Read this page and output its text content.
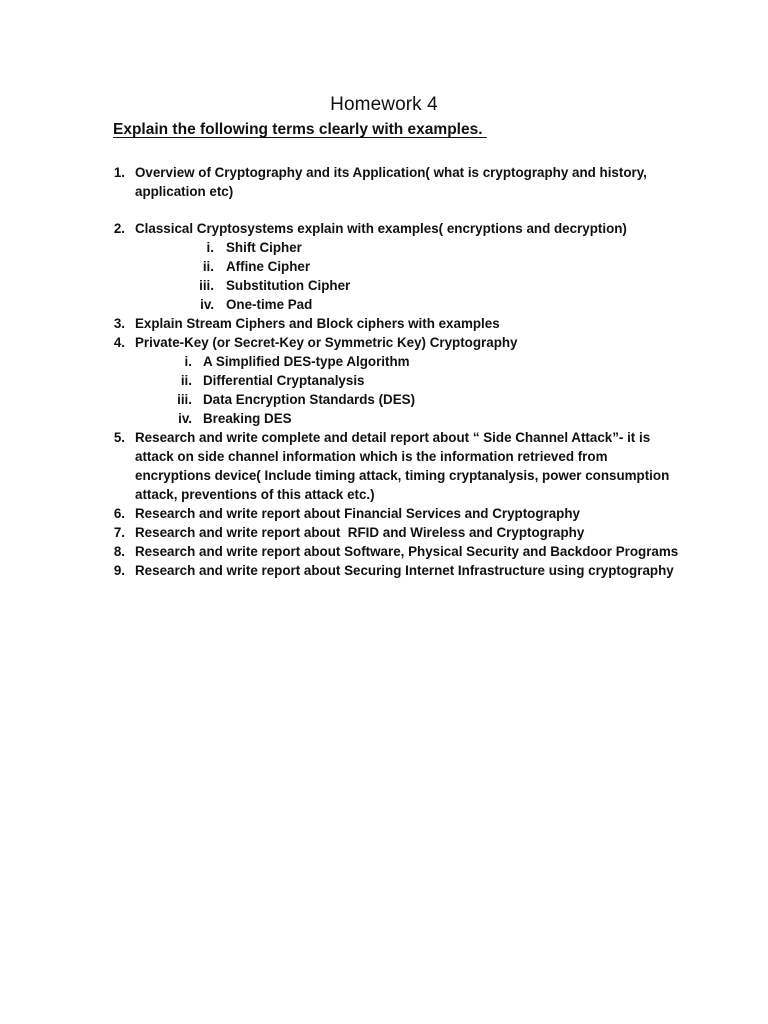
Homework 4
Explain the following terms clearly with examples.
1. Overview of Cryptography and its Application( what is cryptography and history,
application etc)
2. Classical Cryptosystems explain with examples( encryptions and decryption)
i. Shift Cipher
ii. Affine Cipher
iii. Substitution Cipher
iv. One-time Pad
3. Explain Stream Ciphers and Block ciphers with examples
4. Private-Key (or Secret-Key or Symmetric Key) Cryptography
i. A Simplified DES-type Algorithm
ii. Differential Cryptanalysis
iii. Data Encryption Standards (DES)
iv. Breaking DES
5. Research and write complete and detail report about “ Side Channel Attack”- it is
attack on side channel information which is the information retrieved from
encryptions device( Include timing attack, timing cryptanalysis, power consumption
attack, preventions of this attack etc.)
6. Research and write report about Financial Services and Cryptography
7. Research and write report about  RFID and Wireless and Cryptography
8. Research and write report about Software, Physical Security and Backdoor Programs
9. Research and write report about Securing Internet Infrastructure using cryptography
